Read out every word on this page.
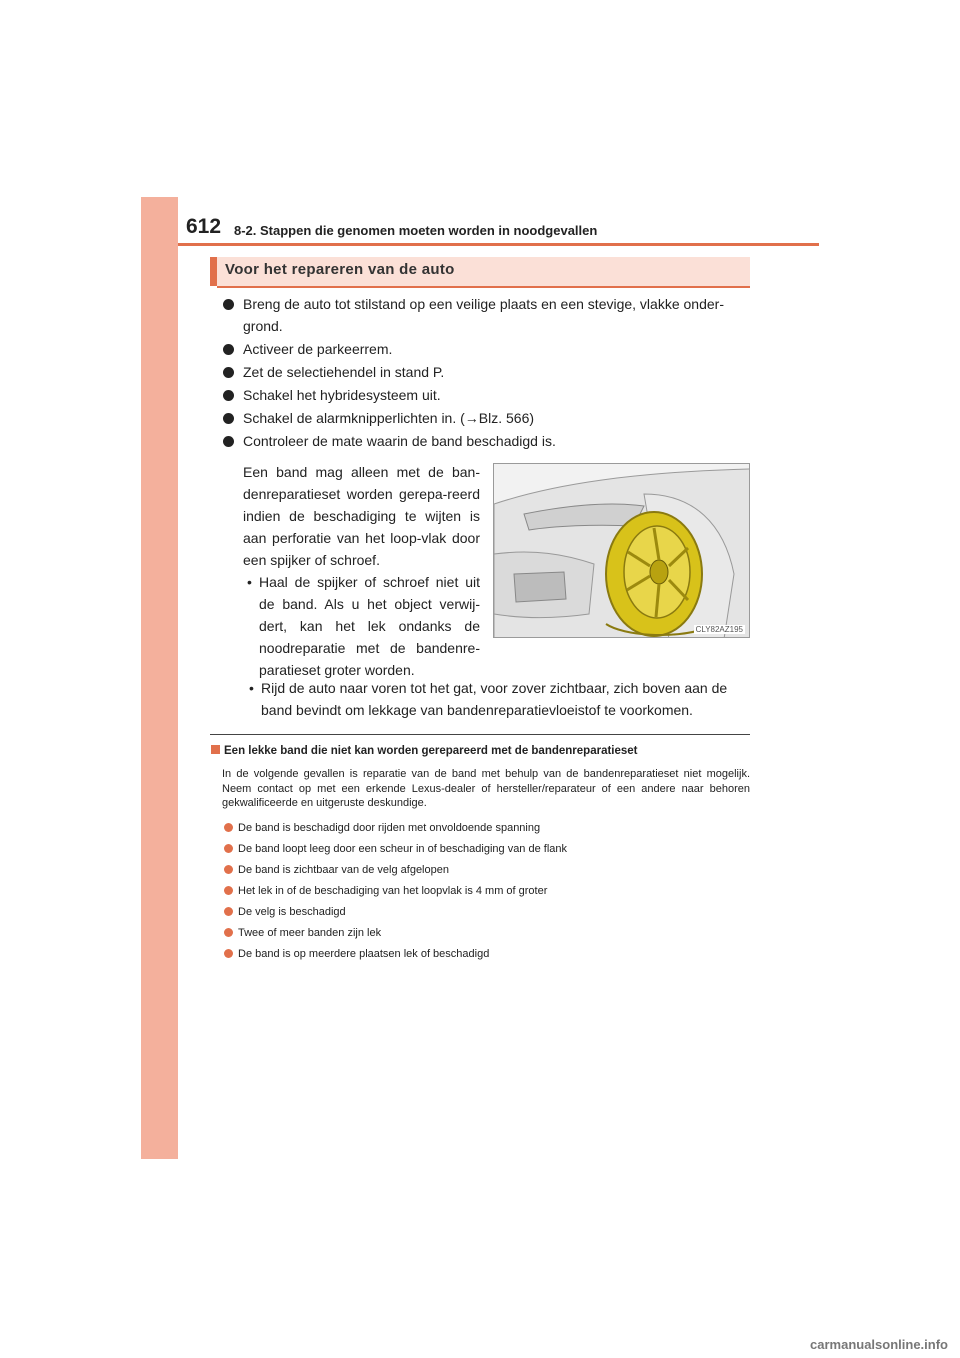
612 8-2. Stappen die genomen moeten worden in noodgevallen
Voor het repareren van de auto
Breng de auto tot stilstand op een veilige plaats en een stevige, vlakke onder-grond.
Activeer de parkeerrem.
Zet de selectiehendel in stand P.
Schakel het hybridesysteem uit.
Schakel de alarmknipperlichten in. (→Blz. 566)
Controleer de mate waarin de band beschadigd is.
Een band mag alleen met de ban-denreparatieset worden gerepa-reerd indien de beschadiging te wijten is aan perforatie van het loop-vlak door een spijker of schroef.
• Haal de spijker of schroef niet uit de band. Als u het object verwij-dert, kan het lek ondanks de noodreparatie met de bandenre-paratieset groter worden.
• Rijd de auto naar voren tot het gat, voor zover zichtbaar, zich boven aan de band bevindt om lekkage van bandenreparatievloeistof te voorkomen.
CLY82AZ195
Een lekke band die niet kan worden gerepareerd met de bandenreparatieset
In de volgende gevallen is reparatie van de band met behulp van de bandenreparatieset niet mogelijk. Neem contact op met een erkende Lexus-dealer of hersteller/reparateur of een andere naar behoren gekwalificeerde en uitgeruste deskundige.
De band is beschadigd door rijden met onvoldoende spanning
De band loopt leeg door een scheur in of beschadiging van de flank
De band is zichtbaar van de velg afgelopen
Het lek in of de beschadiging van het loopvlak is 4 mm of groter
De velg is beschadigd
Twee of meer banden zijn lek
De band is op meerdere plaatsen lek of beschadigd
carmanualsonline.info
